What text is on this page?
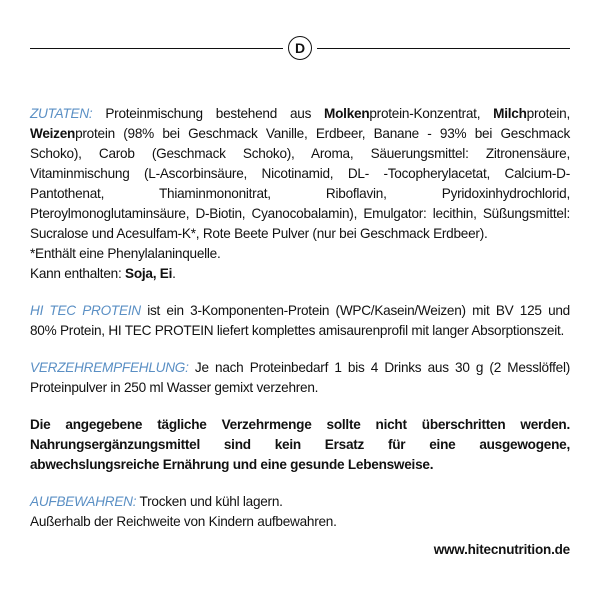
D

ZUTATEN: Proteinmischung bestehend aus Molkenprotein-Konzentrat, Milchprotein, Weizenprotein (98% bei Geschmack Vanille, Erdbeer, Banane - 93% bei Geschmack Schoko), Carob (Geschmack Schoko), Aroma, Säuerungsmittel: Zitronensäure, Vitaminmischung (L-Ascorbinsäure, Nicotinamid, DL- -Tocopherylacetat, Calcium-D-Pantothenat, Thiaminmononitrat, Riboflavin, Pyridoxinhydrochlorid, Pteroylmonoglutaminsäure, D-Biotin, Cyanocobalamin), Emulgator: lecithin, Süßungsmittel: Sucralose und Acesulfam-K*, Rote Beete Pulver (nur bei Geschmack Erdbeer).
*Enthält eine Phenylalaninquelle.
Kann enthalten: Soja, Ei.

HI TEC PROTEIN ist ein 3-Komponenten-Protein (WPC/Kasein/Weizen) mit BV 125 und 80% Protein, HI TEC PROTEIN liefert komplettes amisaurenprofil mit langer Absorptionszeit.

VERZEHREMPFEHLUNG: Je nach Proteinbedarf 1 bis 4 Drinks aus 30 g (2 Messlöffel) Proteinpulver in 250 ml Wasser gemixt verzehren.

Die angegebene tägliche Verzehrmenge sollte nicht überschritten werden. Nahrungsergänzungsmittel sind kein Ersatz für eine ausgewogene, abwechslungsreiche Ernährung und eine gesunde Lebensweise.

AUFBEWAHREN: Trocken und kühl lagern.
Außerhalb der Reichweite von Kindern aufbewahren.

www.hitecnutrition.de
